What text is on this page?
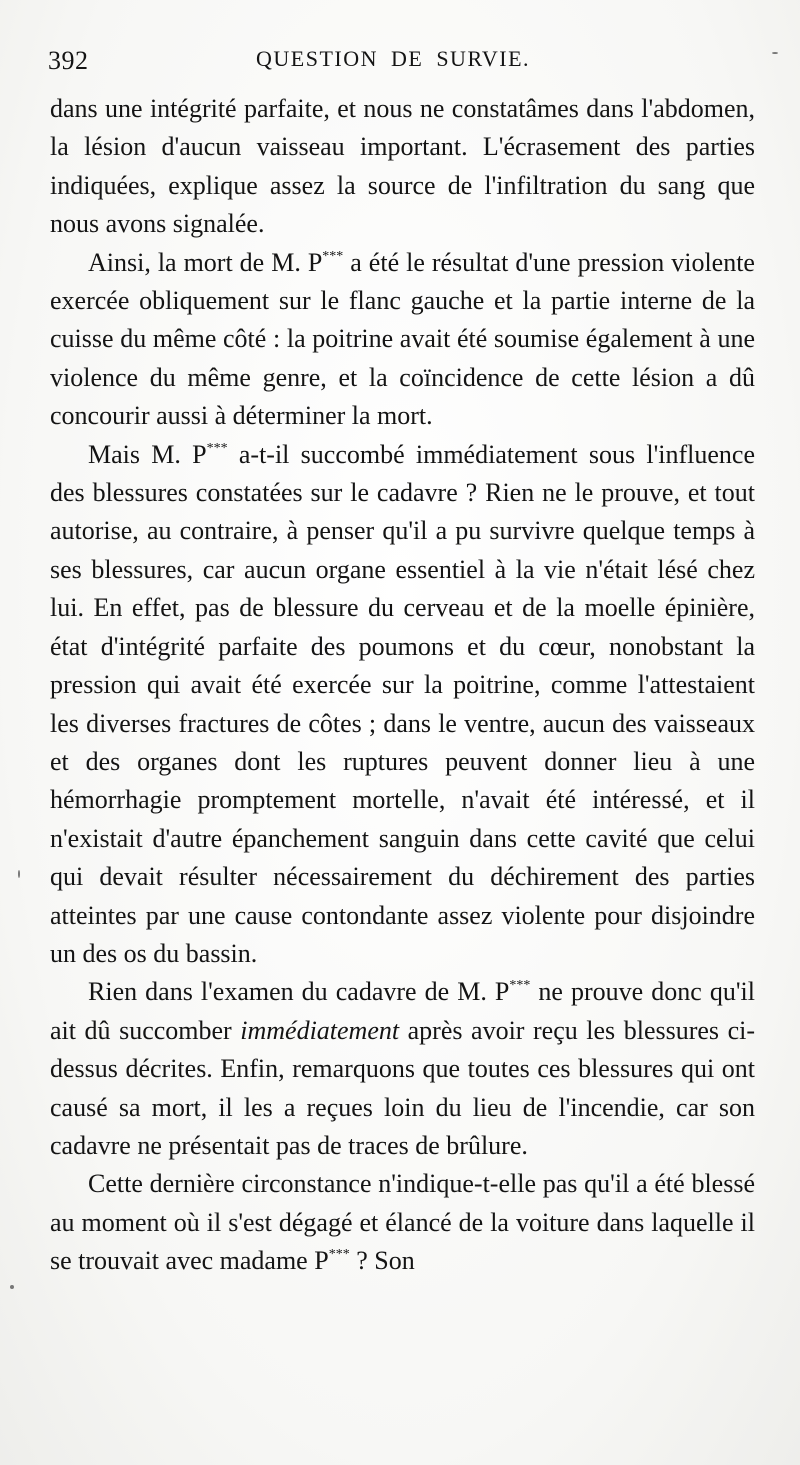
392	QUESTION DE SURVIE.

dans une intégrité parfaite, et nous ne constatâmes dans l'abdomen, la lésion d'aucun vaisseau important. L'écrasement des parties indiquées, explique assez la source de l'infiltration du sang que nous avons signalée.

Ainsi, la mort de M. P*** a été le résultat d'une pression violente exercée obliquement sur le flanc gauche et la partie interne de la cuisse du même côté : la poitrine avait été soumise également à une violence du même genre, et la coïncidence de cette lésion a dû concourir aussi à déterminer la mort.

Mais M. P*** a-t-il succombé immédiatement sous l'influence des blessures constatées sur le cadavre ? Rien ne le prouve, et tout autorise, au contraire, à penser qu'il a pu survivre quelque temps à ses blessures, car aucun organe essentiel à la vie n'était lésé chez lui. En effet, pas de blessure du cerveau et de la moelle épinière, état d'intégrité parfaite des poumons et du cœur, nonobstant la pression qui avait été exercée sur la poitrine, comme l'attestaient les diverses fractures de côtes ; dans le ventre, aucun des vaisseaux et des organes dont les ruptures peuvent donner lieu à une hémorrhagie promptement mortelle, n'avait été intéressé, et il n'existait d'autre épanchement sanguin dans cette cavité que celui qui devait résulter nécessairement du déchirement des parties atteintes par une cause contondante assez violente pour disjoindre un des os du bassin.

Rien dans l'examen du cadavre de M. P*** ne prouve donc qu'il ait dû succomber immédiatement après avoir reçu les blessures ci-dessus décrites. Enfin, remarquons que toutes ces blessures qui ont causé sa mort, il les a reçues loin du lieu de l'incendie, car son cadavre ne présentait pas de traces de brûlure.

Cette dernière circonstance n'indique-t-elle pas qu'il a été blessé au moment où il s'est dégagé et élancé de la voiture dans laquelle il se trouvait avec madame P*** ? Son
